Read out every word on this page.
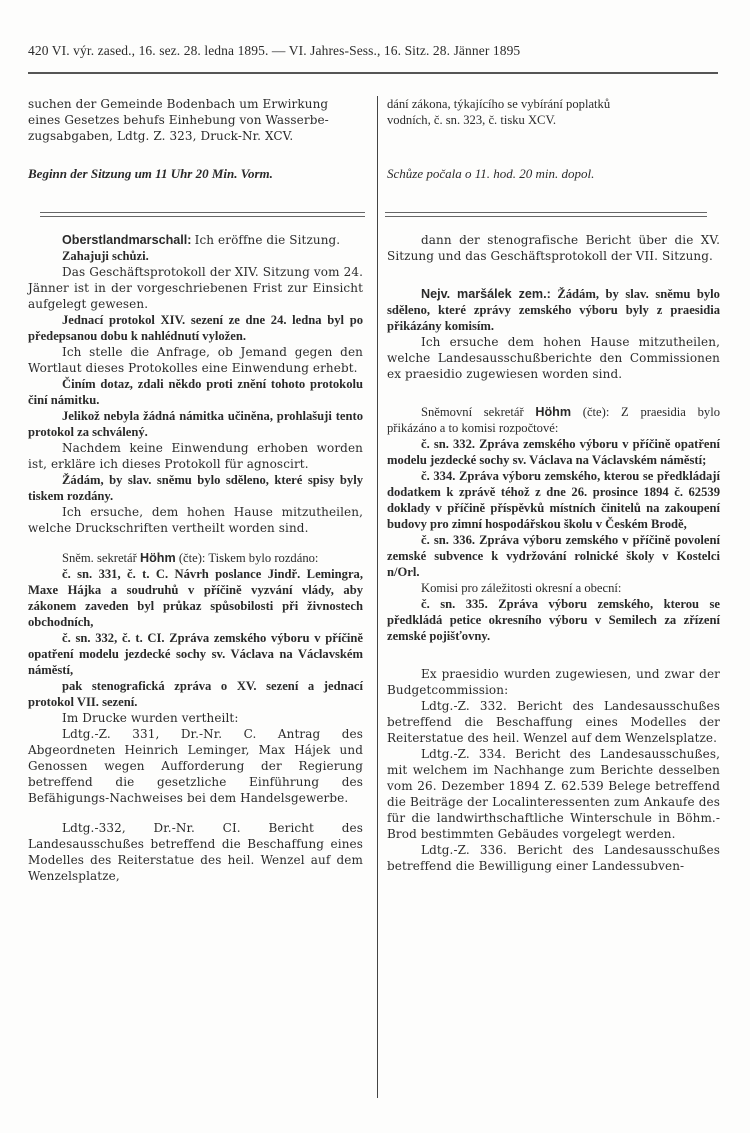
420 VI. výr. zased., 16. sez. 28. ledna 1895. — VI. Jahres-Sess., 16. Sitz. 28. Jänner 1895

suchen der Gemeinde Bodenbach um Erwirkung

eines Gesetzes behufs Einhebung von Wasserbe-

zugsabgaben, Ldtg. Z. 323, Druck-Nr. XCV.

Beginn der Sitzung um 11 Uhr 20 Min. Vorm.

dání zákona, týkajícího se vybírání poplatků

vodních, č. sn. 323, č. tisku XCV.

Schůze počala o 11. hod. 20 min. dopol.

Oberstlandmarschall: Ich eröffne die Sitzung.

Zahajuji schůzi.

Das Geschäftsprotokoll der XIV. Sitzung vom 24. Jänner ist in der vorgeschriebenen Frist zur Einsicht aufgelegt gewesen.

Jednací protokol XIV. sezení ze dne 24. ledna byl po předepsanou dobu k nahlédnutí vyložen.

Ich stelle die Anfrage, ob Jemand gegen den Wortlaut dieses Protokolles eine Einwendung erhebt.

Činím dotaz, zdali někdo proti znění tohoto protokolu činí námitku.

Jelikož nebyla žádná námitka učiněna, prohlašuji tento protokol za schválený.

Nachdem keine Einwendung erhoben worden ist, erkläre ich dieses Protokoll für agnoscirt.

Žádám, by slav. sněmu bylo sděleno, které spisy byly tiskem rozdány.

Ich ersuche, dem hohen Hause mitzutheilen, welche Druckschriften vertheilt worden sind.

Sněm. sekretář Höhm (čte): Tiskem bylo rozdáno:

č. sn. 331, č. t. C. Návrh poslance Jindř. Lemingra, Maxe Hájka a soudruhů v příčině vyzvání vlády, aby zákonem zaveden byl průkaz spůsobilosti při živnostech obchodních,

č. sn. 332, č. t. CI. Zpráva zemského výboru v příčině opatření modelu jezdecké sochy sv. Václava na Václavském náměstí,

pak stenografická zpráva o XV. sezení a jednací protokol VII. sezení.

Im Drucke wurden vertheilt:

Ldtg.-Z. 331, Dr.-Nr. C. Antrag des Abgeordneten Heinrich Leminger, Max Hájek und Genossen wegen Aufforderung der Regierung betreffend die gesetzliche Einführung des Befähigungs-Nachweises bei dem Handelsgewerbe.

Ldtg.-332, Dr.-Nr. CI. Bericht des Landesausschußes betreffend die Beschaffung eines Modelles des Reiterstatue des heil. Wenzel auf dem Wenzelsplatze,

dann der stenografische Bericht über die XV. Sitzung und das Geschäftsprotokoll der VII. Sitzung.

Nejv. maršálek zem.: Žádám, by slav. sněmu bylo sděleno, které zprávy zemského výboru byly z praesidia přikázány komisím.

Ich ersuche dem hohen Hause mitzutheilen, welche Landesausschußberichte den Commissionen ex praesidio zugewiesen worden sind.

Sněmovní sekretář Höhm (čte): Z praesidia bylo přikázáno a to komisi rozpočtové:

č. sn. 332. Zpráva zemského výboru v příčině opatření modelu jezdecké sochy sv. Václava na Václavském náměstí;

č. 334. Zpráva výboru zemského, kterou se předkládají dodatkem k zprávě téhož z dne 26. prosince 1894 č. 62539 doklady v příčině příspěvků místních činitelů na zakoupení budovy pro zimní hospodářskou školu v Českém Brodě,

č. sn. 336. Zpráva výboru zemského v příčině povolení zemské subvence k vydržování rolnické školy v Kostelci n/Orl.

Komisi pro záležitosti okresní a obecní:

č. sn. 335. Zpráva výboru zemského, kterou se předkládá petice okresního výboru v Semilech za zřízení zemské pojišťovny.

Ex praesidio wurden zugewiesen, und zwar der Budgetcommission:

Ldtg.-Z. 332. Bericht des Landesausschußes betreffend die Beschaffung eines Modelles der Reiterstatue des heil. Wenzel auf dem Wenzelsplatze.

Ldtg.-Z. 334. Bericht des Landesausschußes, mit welchem im Nachhange zum Berichte desselben vom 26. Dezember 1894 Z. 62.539 Belege betreffend die Beiträge der Localinteressenten zum Ankaufe des für die landwirthschaftliche Winterschule in Böhm.-Brod bestimmten Gebäudes vorgelegt werden.

Ldtg.-Z. 336. Bericht des Landesausschußes betreffend die Bewilligung einer Landessubven-
